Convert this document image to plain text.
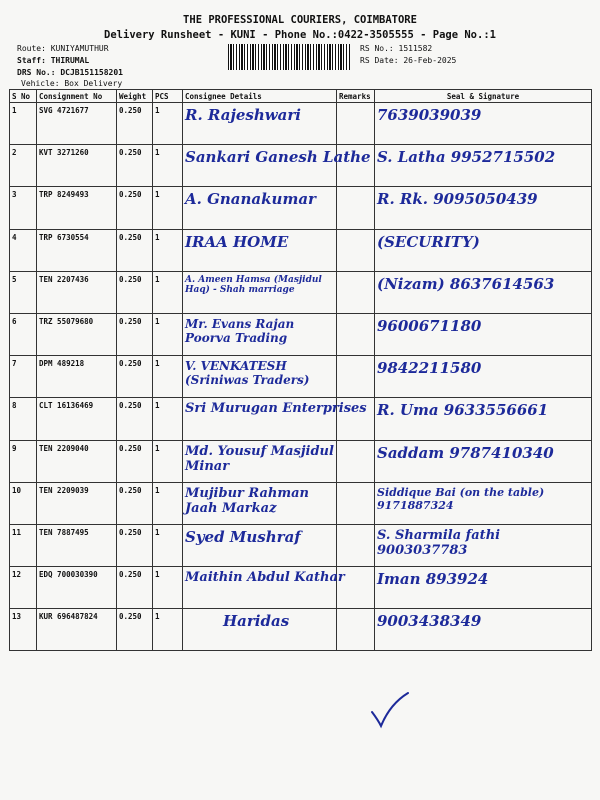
THE PROFESSIONAL COURIERS, COIMBATORE
Delivery Runsheet - KUNI - Phone No.:0422-3505555 - Page No.:1
Route: KUNIYAMUTHUR
Staff: THIRUMAL
DRS No.: DCJB151158201
Vehicle: Box Delivery
RS No.: 1511582
RS Date: 26-Feb-2025
S No	Consignment No	Weight	PCS	Consignee Details	Remarks	Seal & Signature
1	SVG 4721677	0.250	1	R. Rajeshwari		7639039039
2	KVT 3271260	0.250	1	Sankari Ganesh Lathe		S. Latha 9952715502
3	TRP 8249493	0.250	1	A. Gnanakumar		R. Rk. 9095050439
4	TRP 6730554	0.250	1	IRAA HOME		(SECURITY)
5	TEN 2207436	0.250	1	A. Ameen Hamsa (Masjidul Haq) - Shah marriage		(Nizam) 8637614563
6	TRZ 55079680	0.250	1	Mr. Evans Rajan Poorva Trading		9600671180
7	DPM 489218	0.250	1	V. VENKATESH (Sriniwas Traders)		9842211580
8	CLT 16136469	0.250	1	Sri Murugan Enterprises		R. Uma 9633556661
9	TEN 2209040	0.250	1	Md. Yousuf Masjidul Minar		Saddam 9787410340
10	TEN 2209039	0.250	1	Mujibur Rahman Jaah Markaz		Siddique Bai (on the table) 9171887324
11	TEN 7887495	0.250	1	Syed Mushraf		S. Sharmila fathi 9003037783
12	EDQ 700030390	0.250	1	Maithin Abdul Kathar		Iman 893924
13	KUR 696487824	0.250	1	Haridas		9003438349
